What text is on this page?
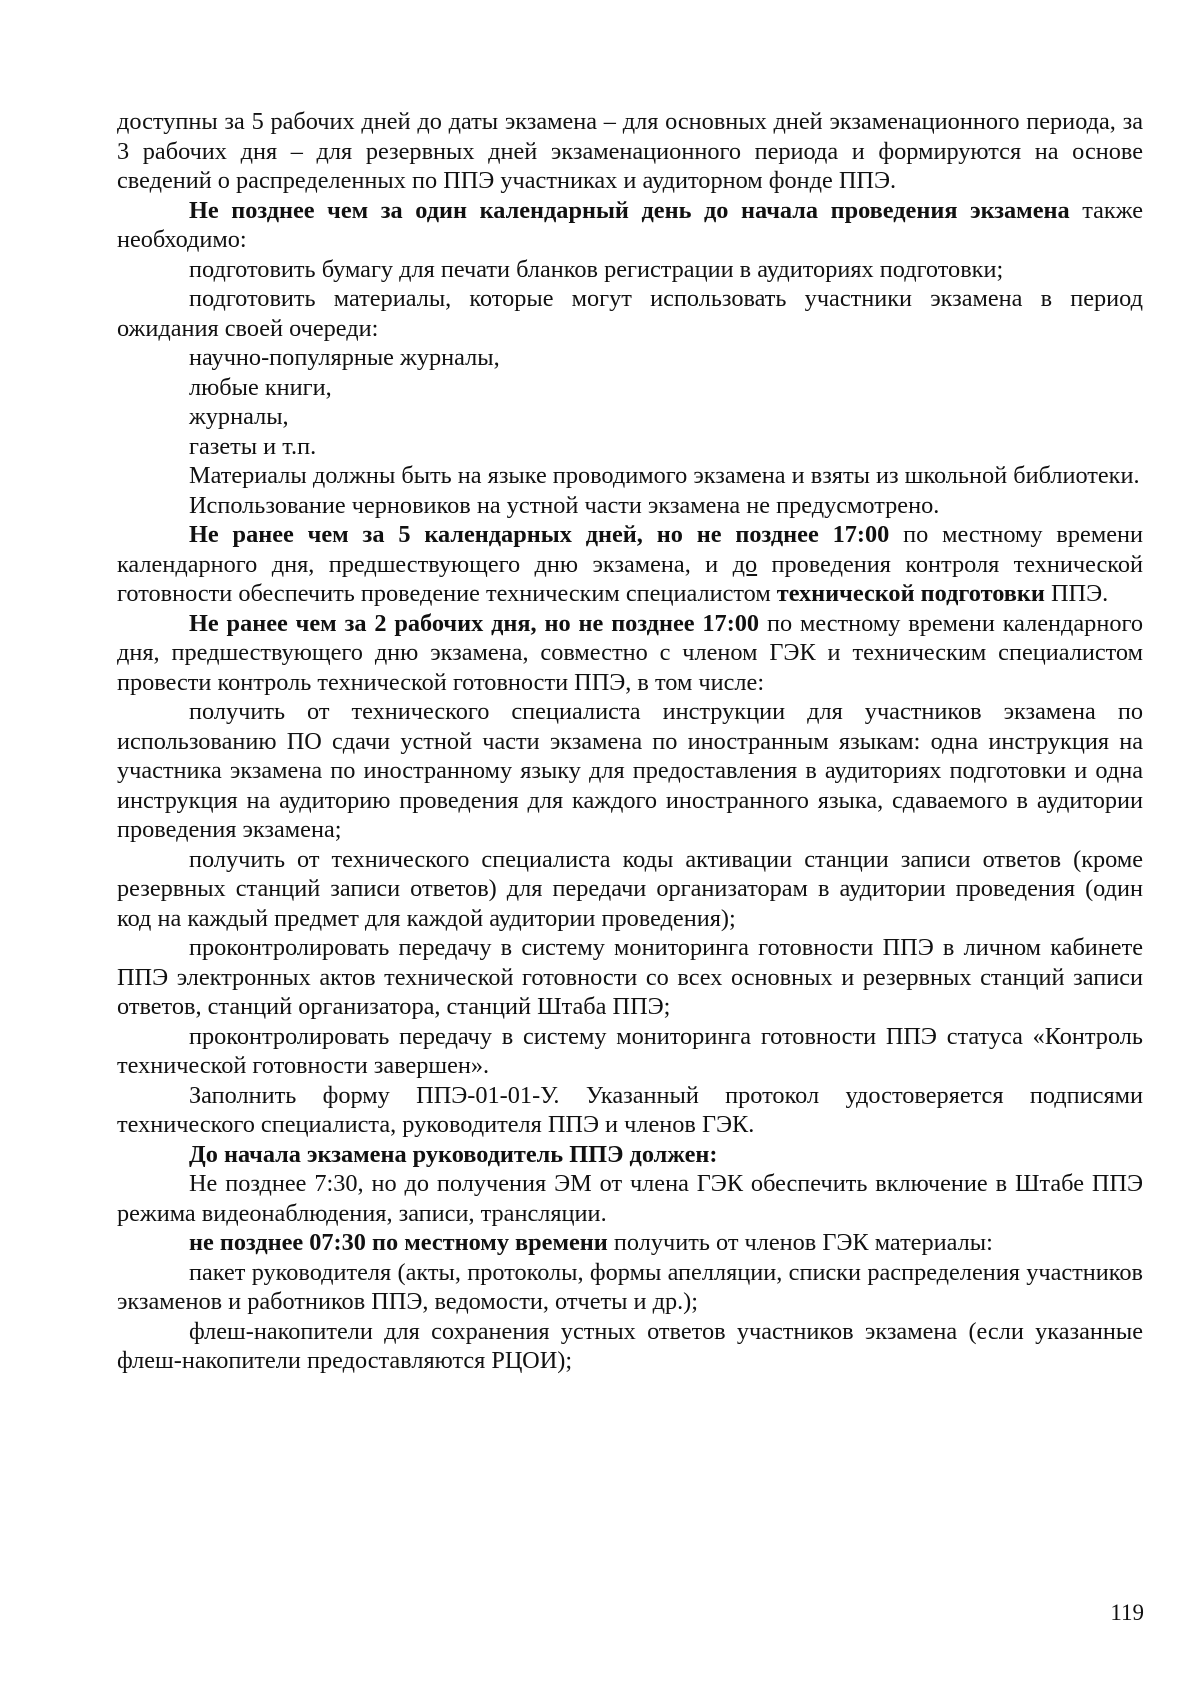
доступны за 5 рабочих дней до даты экзамена – для основных дней экзаменационного периода, за 3 рабочих дня – для резервных дней экзаменационного периода и формируются на основе сведений о распределенных по ППЭ участниках и аудиторном фонде ППЭ.

Не позднее чем за один календарный день до начала проведения экзамена также необходимо:

подготовить бумагу для печати бланков регистрации в аудиториях подготовки;

подготовить материалы, которые могут использовать участники экзамена в период ожидания своей очереди:

научно-популярные журналы,

любые книги,

журналы,

газеты и т.п.

Материалы должны быть на языке проводимого экзамена и взяты из школьной библиотеки.

Использование черновиков на устной части экзамена не предусмотрено.

Не ранее чем за 5 календарных дней, но не позднее 17:00 по местному времени календарного дня, предшествующего дню экзамена, и до проведения контроля технической готовности обеспечить проведение техническим специалистом технической подготовки ППЭ.

Не ранее чем за 2 рабочих дня, но не позднее 17:00 по местному времени календарного дня, предшествующего дню экзамена, совместно с членом ГЭК и техническим специалистом провести контроль технической готовности ППЭ, в том числе:

получить от технического специалиста инструкции для участников экзамена по использованию ПО сдачи устной части экзамена по иностранным языкам: одна инструкция на участника экзамена по иностранному языку для предоставления в аудиториях подготовки и одна инструкция на аудиторию проведения для каждого иностранного языка, сдаваемого в аудитории проведения экзамена;

получить от технического специалиста коды активации станции записи ответов (кроме резервных станций записи ответов) для передачи организаторам в аудитории проведения (один код на каждый предмет для каждой аудитории проведения);

проконтролировать передачу в систему мониторинга готовности ППЭ в личном кабинете ППЭ электронных актов технической готовности со всех основных и резервных станций записи ответов, станций организатора, станций Штаба ППЭ;

проконтролировать передачу в систему мониторинга готовности ППЭ статуса «Контроль технической готовности завершен».

Заполнить форму ППЭ-01-01-У. Указанный протокол удостоверяется подписями технического специалиста, руководителя ППЭ и членов ГЭК.

До начала экзамена руководитель ППЭ должен:

Не позднее 7:30, но до получения ЭМ от члена ГЭК обеспечить включение в Штабе ППЭ режима видеонаблюдения, записи, трансляции.

не позднее 07:30 по местному времени получить от членов ГЭК материалы:

пакет руководителя (акты, протоколы, формы апелляции, списки распределения участников экзаменов и работников ППЭ, ведомости, отчеты и др.);

флеш-накопители для сохранения устных ответов участников экзамена (если указанные флеш-накопители предоставляются РЦОИ);

119
